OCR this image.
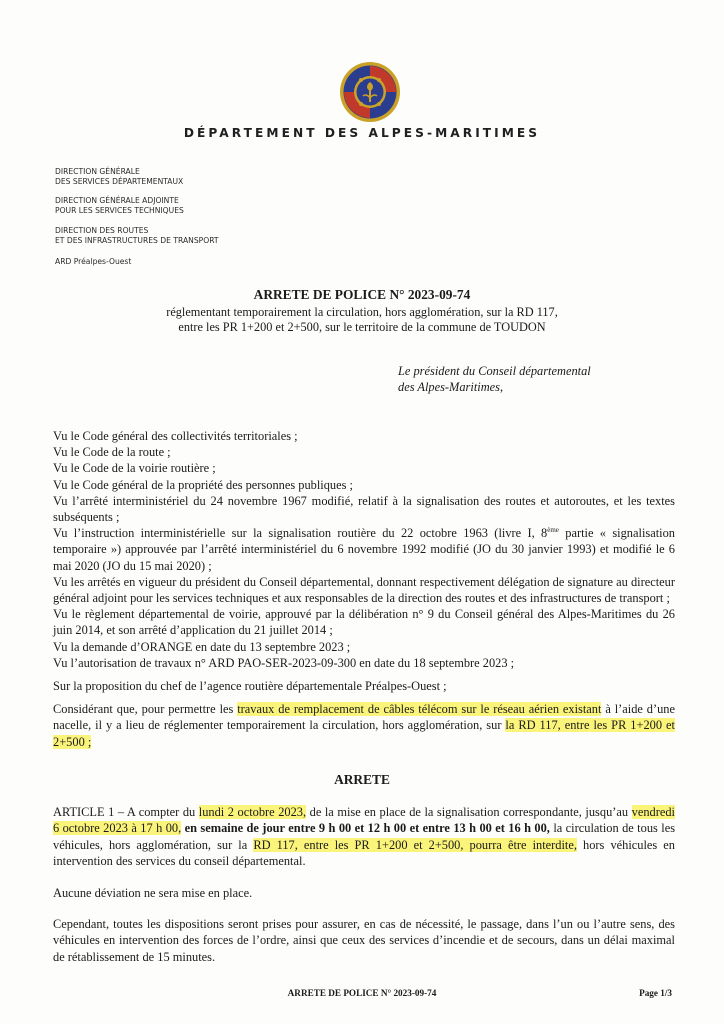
DÉPARTEMENT DES ALPES-MARITIMES
DIRECTION GÉNÉRALE
DES SERVICES DÉPARTEMENTAUX
DIRECTION GÉNÉRALE ADJOINTE
POUR LES SERVICES TECHNIQUES
DIRECTION DES ROUTES
ET DES INFRASTRUCTURES DE TRANSPORT
ARD Préalpes-Ouest
ARRETE DE POLICE N° 2023-09-74
réglementant temporairement la circulation, hors agglomération, sur la RD 117,
entre les PR 1+200 et 2+500, sur le territoire de la commune de TOUDON
Le président du Conseil départemental
des Alpes-Maritimes,

Vu le Code général des collectivités territoriales ;

Vu le Code de la route ;

Vu le Code de la voirie routière ;

Vu le Code général de la propriété des personnes publiques ;

Vu l’arrêté interministériel du 24 novembre 1967 modifié, relatif à la signalisation des routes et autoroutes, et les textes subséquents ;

Vu l’instruction interministérielle sur la signalisation routière du 22 octobre 1963 (livre I, 8ème partie « signalisation temporaire ») approuvée par l’arrêté interministériel du 6 novembre 1992 modifié (JO du 30 janvier 1993) et modifié le 6 mai 2020 (JO du 15 mai 2020) ;

Vu les arrêtés en vigueur du président du Conseil départemental, donnant respectivement délégation de signature au directeur général adjoint pour les services techniques et aux responsables de la direction des routes et des infrastructures de transport ;

Vu le règlement départemental de voirie, approuvé par la délibération n° 9 du Conseil général des Alpes-Maritimes du 26 juin 2014, et son arrêté d’application du 21 juillet 2014 ;

Vu la demande d’ORANGE en date du 13 septembre 2023 ;

Vu l’autorisation de travaux n° ARD PAO-SER-2023-09-300 en date du 18 septembre 2023 ;

Sur la proposition du chef de l’agence routière départementale Préalpes-Ouest ;

Considérant que, pour permettre les travaux de remplacement de câbles télécom sur le réseau aérien existant à l’aide d’une nacelle, il y a lieu de réglementer temporairement la circulation, hors agglomération, sur la RD 117, entre les PR 1+200 et 2+500 ;

ARRETE

ARTICLE 1 – A compter du lundi 2 octobre 2023, de la mise en place de la signalisation correspondante, jusqu’au vendredi 6 octobre 2023 à 17 h 00, en semaine de jour entre 9 h 00 et 12 h 00 et entre 13 h 00 et 16 h 00, la circulation de tous les véhicules, hors agglomération, sur la RD 117, entre les PR 1+200 et 2+500, pourra être interdite, hors véhicules en intervention des services du conseil départemental.

Aucune déviation ne sera mise en place.

Cependant, toutes les dispositions seront prises pour assurer, en cas de nécessité, le passage, dans l’un ou l’autre sens, des véhicules en intervention des forces de l’ordre, ainsi que ceux des services d’incendie et de secours, dans un délai maximal de rétablissement de 15 minutes.

ARRETE DE POLICE N° 2023-09-74	Page 1/3
